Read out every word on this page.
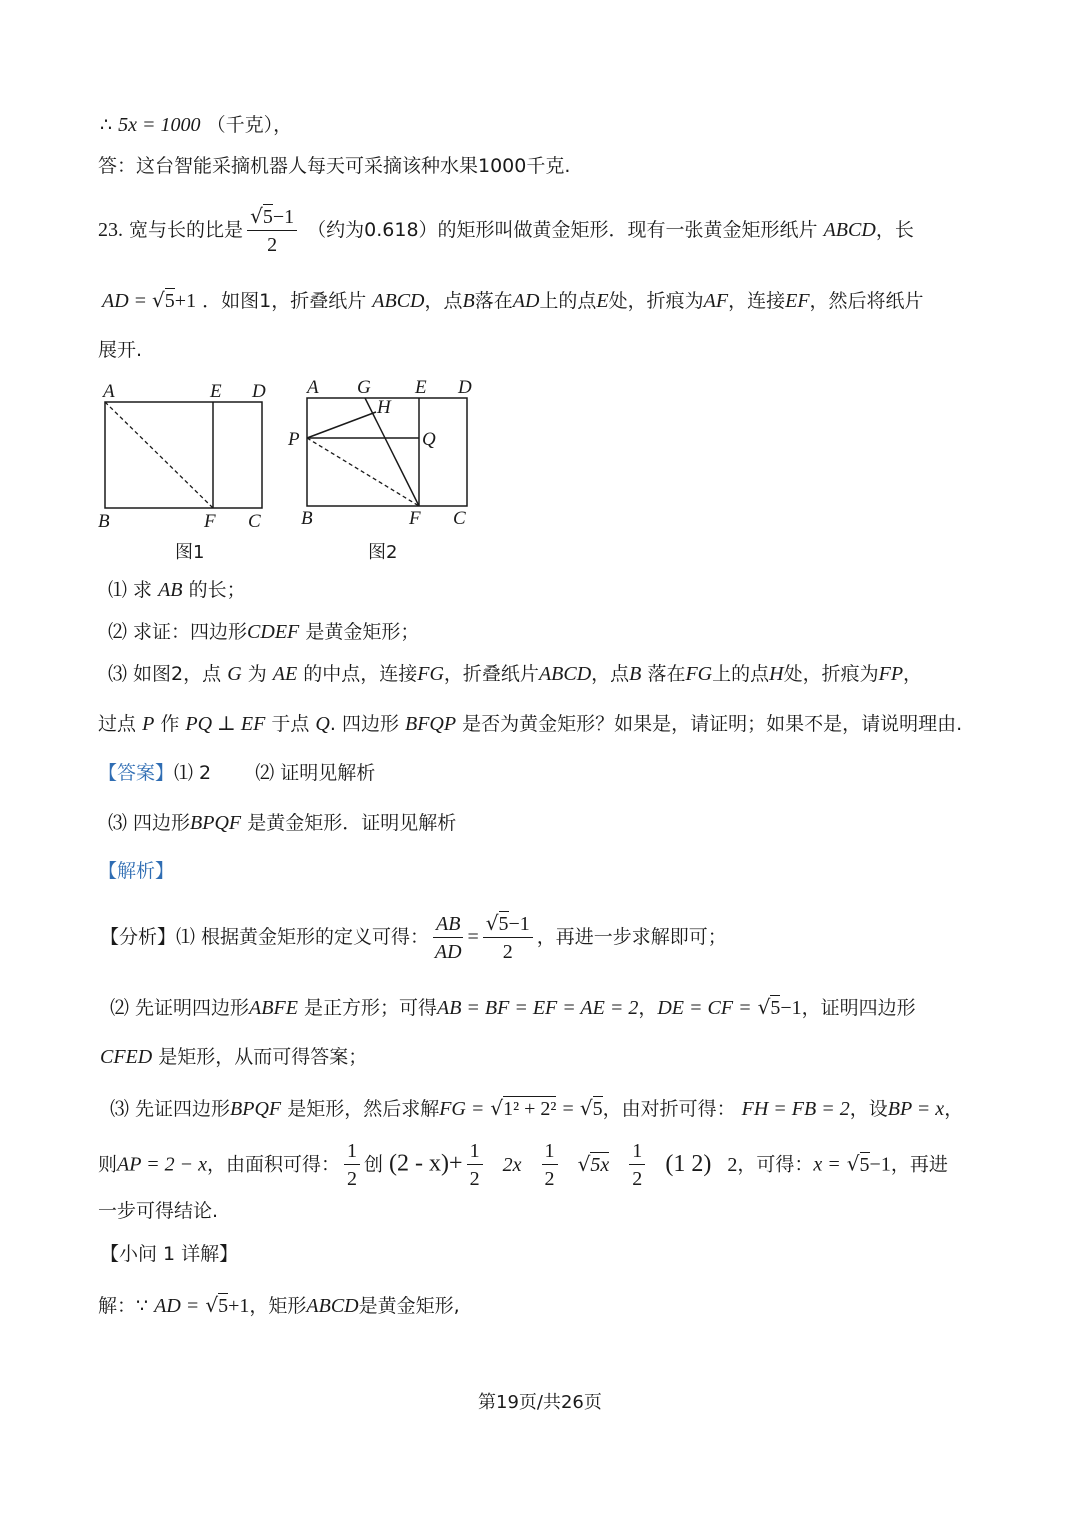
∴ 5x = 1000 （千克），
答：这台智能采摘机器人每天可采摘该种水果1000千克.
23. 宽与长的比是 $\frac{√5-1}{2}$ （约为0.618）的矩形叫做黄金矩形．现有一张黄金矩形纸片 ABCD，长
AD = √5+1 ．如图1，折叠纸片 ABCD，点B落在AD上的点E处，折痕为AF，连接EF，然后将纸片
展开.
A	E D
B	F C
图1
A G E D
H
P	Q
B	F C
图2
⑴ 求 AB 的长；
⑵ 求证：四边形CDEF 是黄金矩形；
⑶ 如图2，点 G 为 AE 的中点，连接FG，折叠纸片ABCD，点B 落在FG上的点H处，折痕为FP，
过点 P 作 PQ ⊥ EF 于点 Q. 四边形 BFQP 是否为黄金矩形？如果是，请证明；如果不是，请说明理由.
【答案】⑴ 2 ⑵ 证明见解析
⑶ 四边形BPQF 是黄金矩形．证明见解析
【解析】
【分析】⑴ 根据黄金矩形的定义可得： $\frac{AB}{AD} = \frac{√5-1}{2}$ ，再进一步求解即可；
⑵ 先证明四边形ABFE 是正方形；可得AB = BF = EF = AE = 2，DE = CF = √5−1，证明四边形
CFED 是矩形，从而可得答案；
⑶ 先证四边形BPQF 是矩形，然后求解FG = √1² + 2² = √5，由对折可得： FH = FB = 2，设BP = x，
则AP = 2 − x，由面积可得： $\frac{1}{2}$ 创 $(2 - x)+ \frac{1}{2} 2x \frac{1}{2} √5x \frac{1}{2} (1$ 2) 2，可得：x = √5−1，再进
一步可得结论.
【小问 1 详解】
解：∵ AD = √5+1，矩形ABCD是黄金矩形,
第19页/共26页
